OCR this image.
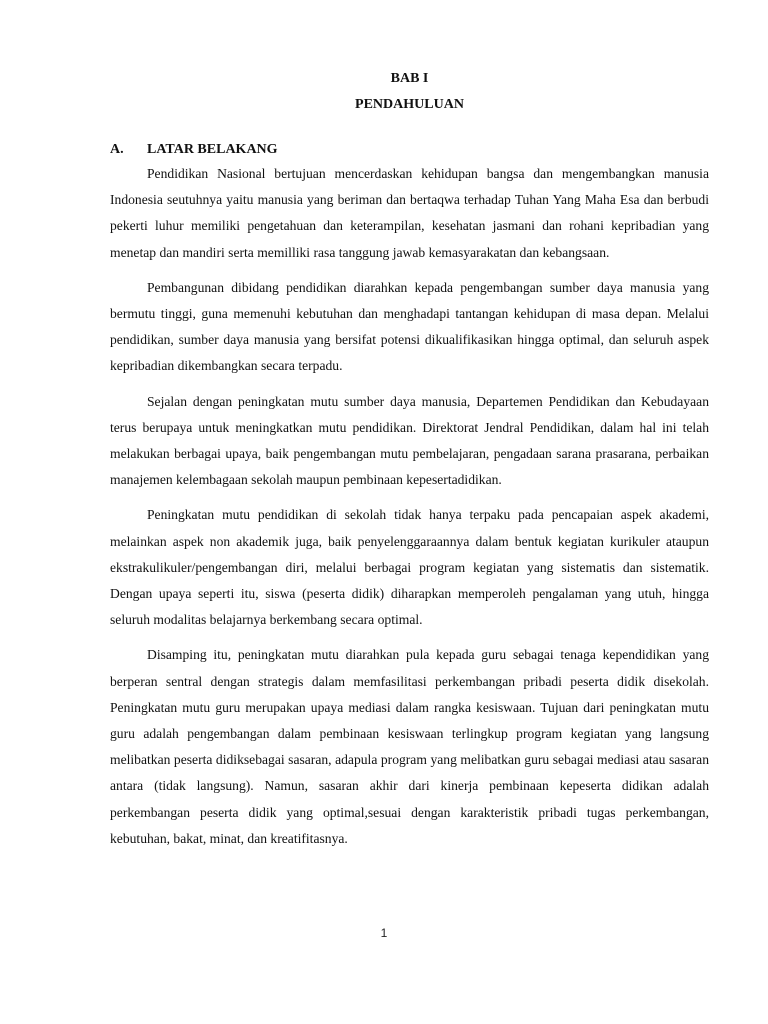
BAB I
PENDAHULUAN
A.	LATAR BELAKANG

Pendidikan Nasional bertujuan mencerdaskan kehidupan bangsa dan mengembangkan manusia Indonesia seutuhnya yaitu manusia yang beriman dan bertaqwa terhadap Tuhan Yang Maha Esa dan berbudi pekerti luhur memiliki pengetahuan dan keterampilan, kesehatan jasmani dan rohani kepribadian yang menetap dan mandiri serta memilliki rasa tanggung jawab kemasyarakatan dan kebangsaan.

Pembangunan dibidang pendidikan diarahkan kepada pengembangan sumber daya manusia yang bermutu tinggi, guna memenuhi kebutuhan dan menghadapi tantangan kehidupan di masa depan. Melalui pendidikan, sumber daya manusia yang bersifat potensi dikualifikasikan hingga optimal, dan seluruh aspek kepribadian dikembangkan secara terpadu.

Sejalan dengan peningkatan mutu sumber daya manusia, Departemen Pendidikan dan Kebudayaan terus berupaya untuk meningkatkan mutu pendidikan. Direktorat Jendral Pendidikan, dalam hal ini telah melakukan berbagai upaya, baik pengembangan mutu pembelajaran, pengadaan sarana prasarana, perbaikan manajemen kelembagaan sekolah maupun pembinaan kepesertadidikan.

Peningkatan mutu pendidikan di sekolah tidak hanya terpaku pada pencapaian aspek akademi, melainkan aspek non akademik juga, baik penyelenggaraannya dalam bentuk kegiatan kurikuler ataupun ekstrakulikuler/pengembangan diri, melalui berbagai program kegiatan yang sistematis dan sistematik. Dengan upaya seperti itu, siswa (peserta didik) diharapkan memperoleh pengalaman yang utuh, hingga seluruh modalitas belajarnya berkembang secara optimal.

Disamping itu, peningkatan mutu diarahkan pula kepada guru sebagai tenaga kependidikan yang berperan sentral dengan strategis dalam memfasilitasi perkembangan pribadi peserta didik disekolah. Peningkatan mutu guru merupakan upaya mediasi dalam rangka kesiswaan. Tujuan dari peningkatan mutu guru adalah pengembangan dalam pembinaan kesiswaan terlingkup program kegiatan yang langsung melibatkan peserta didiksebagai sasaran, adapula program yang melibatkan guru sebagai mediasi atau sasaran antara (tidak langsung). Namun, sasaran akhir dari kinerja pembinaan kepeserta didikan adalah perkembangan peserta didik yang optimal,sesuai dengan karakteristik pribadi tugas perkembangan, kebutuhan, bakat, minat, dan kreatifitasnya.

1
